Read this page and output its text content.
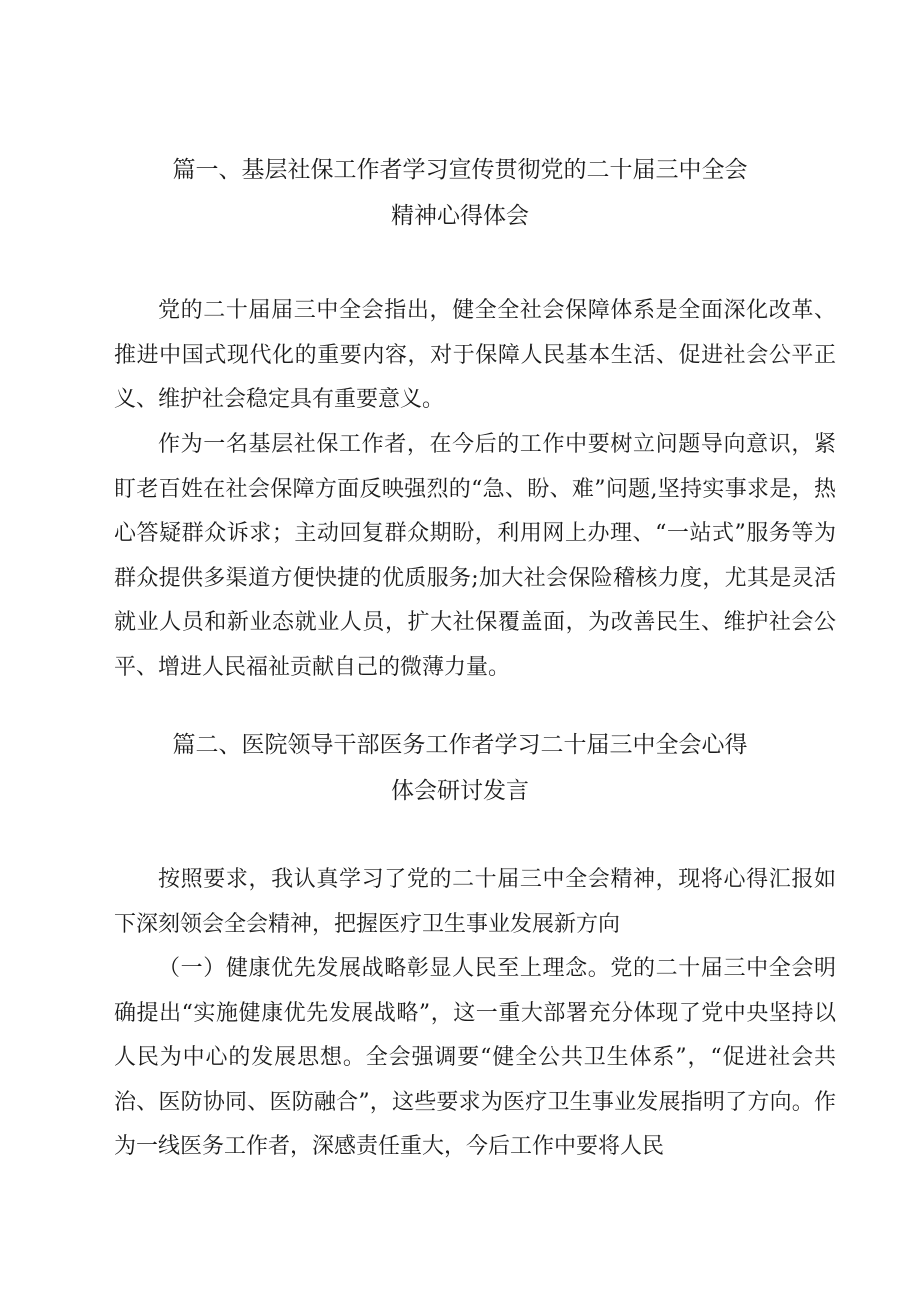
篇一、基层社保工作者学习宣传贯彻党的二十届三中全会
精神心得体会

党的二十届届三中全会指出，健全全社会保障体系是全面深化改革、推进中国式现代化的重要内容，对于保障人民基本生活、促进社会公平正义、维护社会稳定具有重要意义。

作为一名基层社保工作者，在今后的工作中要树立问题导向意识，紧盯老百姓在社会保障方面反映强烈的“急、盼、难”问题,坚持实事求是，热心答疑群众诉求；主动回复群众期盼，利用网上办理、“一站式”服务等为群众提供多渠道方便快捷的优质服务;加大社会保险稽核力度，尤其是灵活就业人员和新业态就业人员，扩大社保覆盖面，为改善民生、维护社会公平、增进人民福祉贡献自己的微薄力量。

篇二、医院领导干部医务工作者学习二十届三中全会心得
体会研讨发言

按照要求，我认真学习了党的二十届三中全会精神，现将心得汇报如下深刻领会全会精神，把握医疗卫生事业发展新方向

（一）健康优先发展战略彰显人民至上理念。党的二十届三中全会明确提出“实施健康优先发展战略”，这一重大部署充分体现了党中央坚持以人民为中心的发展思想。全会强调要“健全公共卫生体系”，“促进社会共治、医防协同、医防融合”，这些要求为医疗卫生事业发展指明了方向。作为一线医务工作者，深感责任重大，今后工作中要将人民
